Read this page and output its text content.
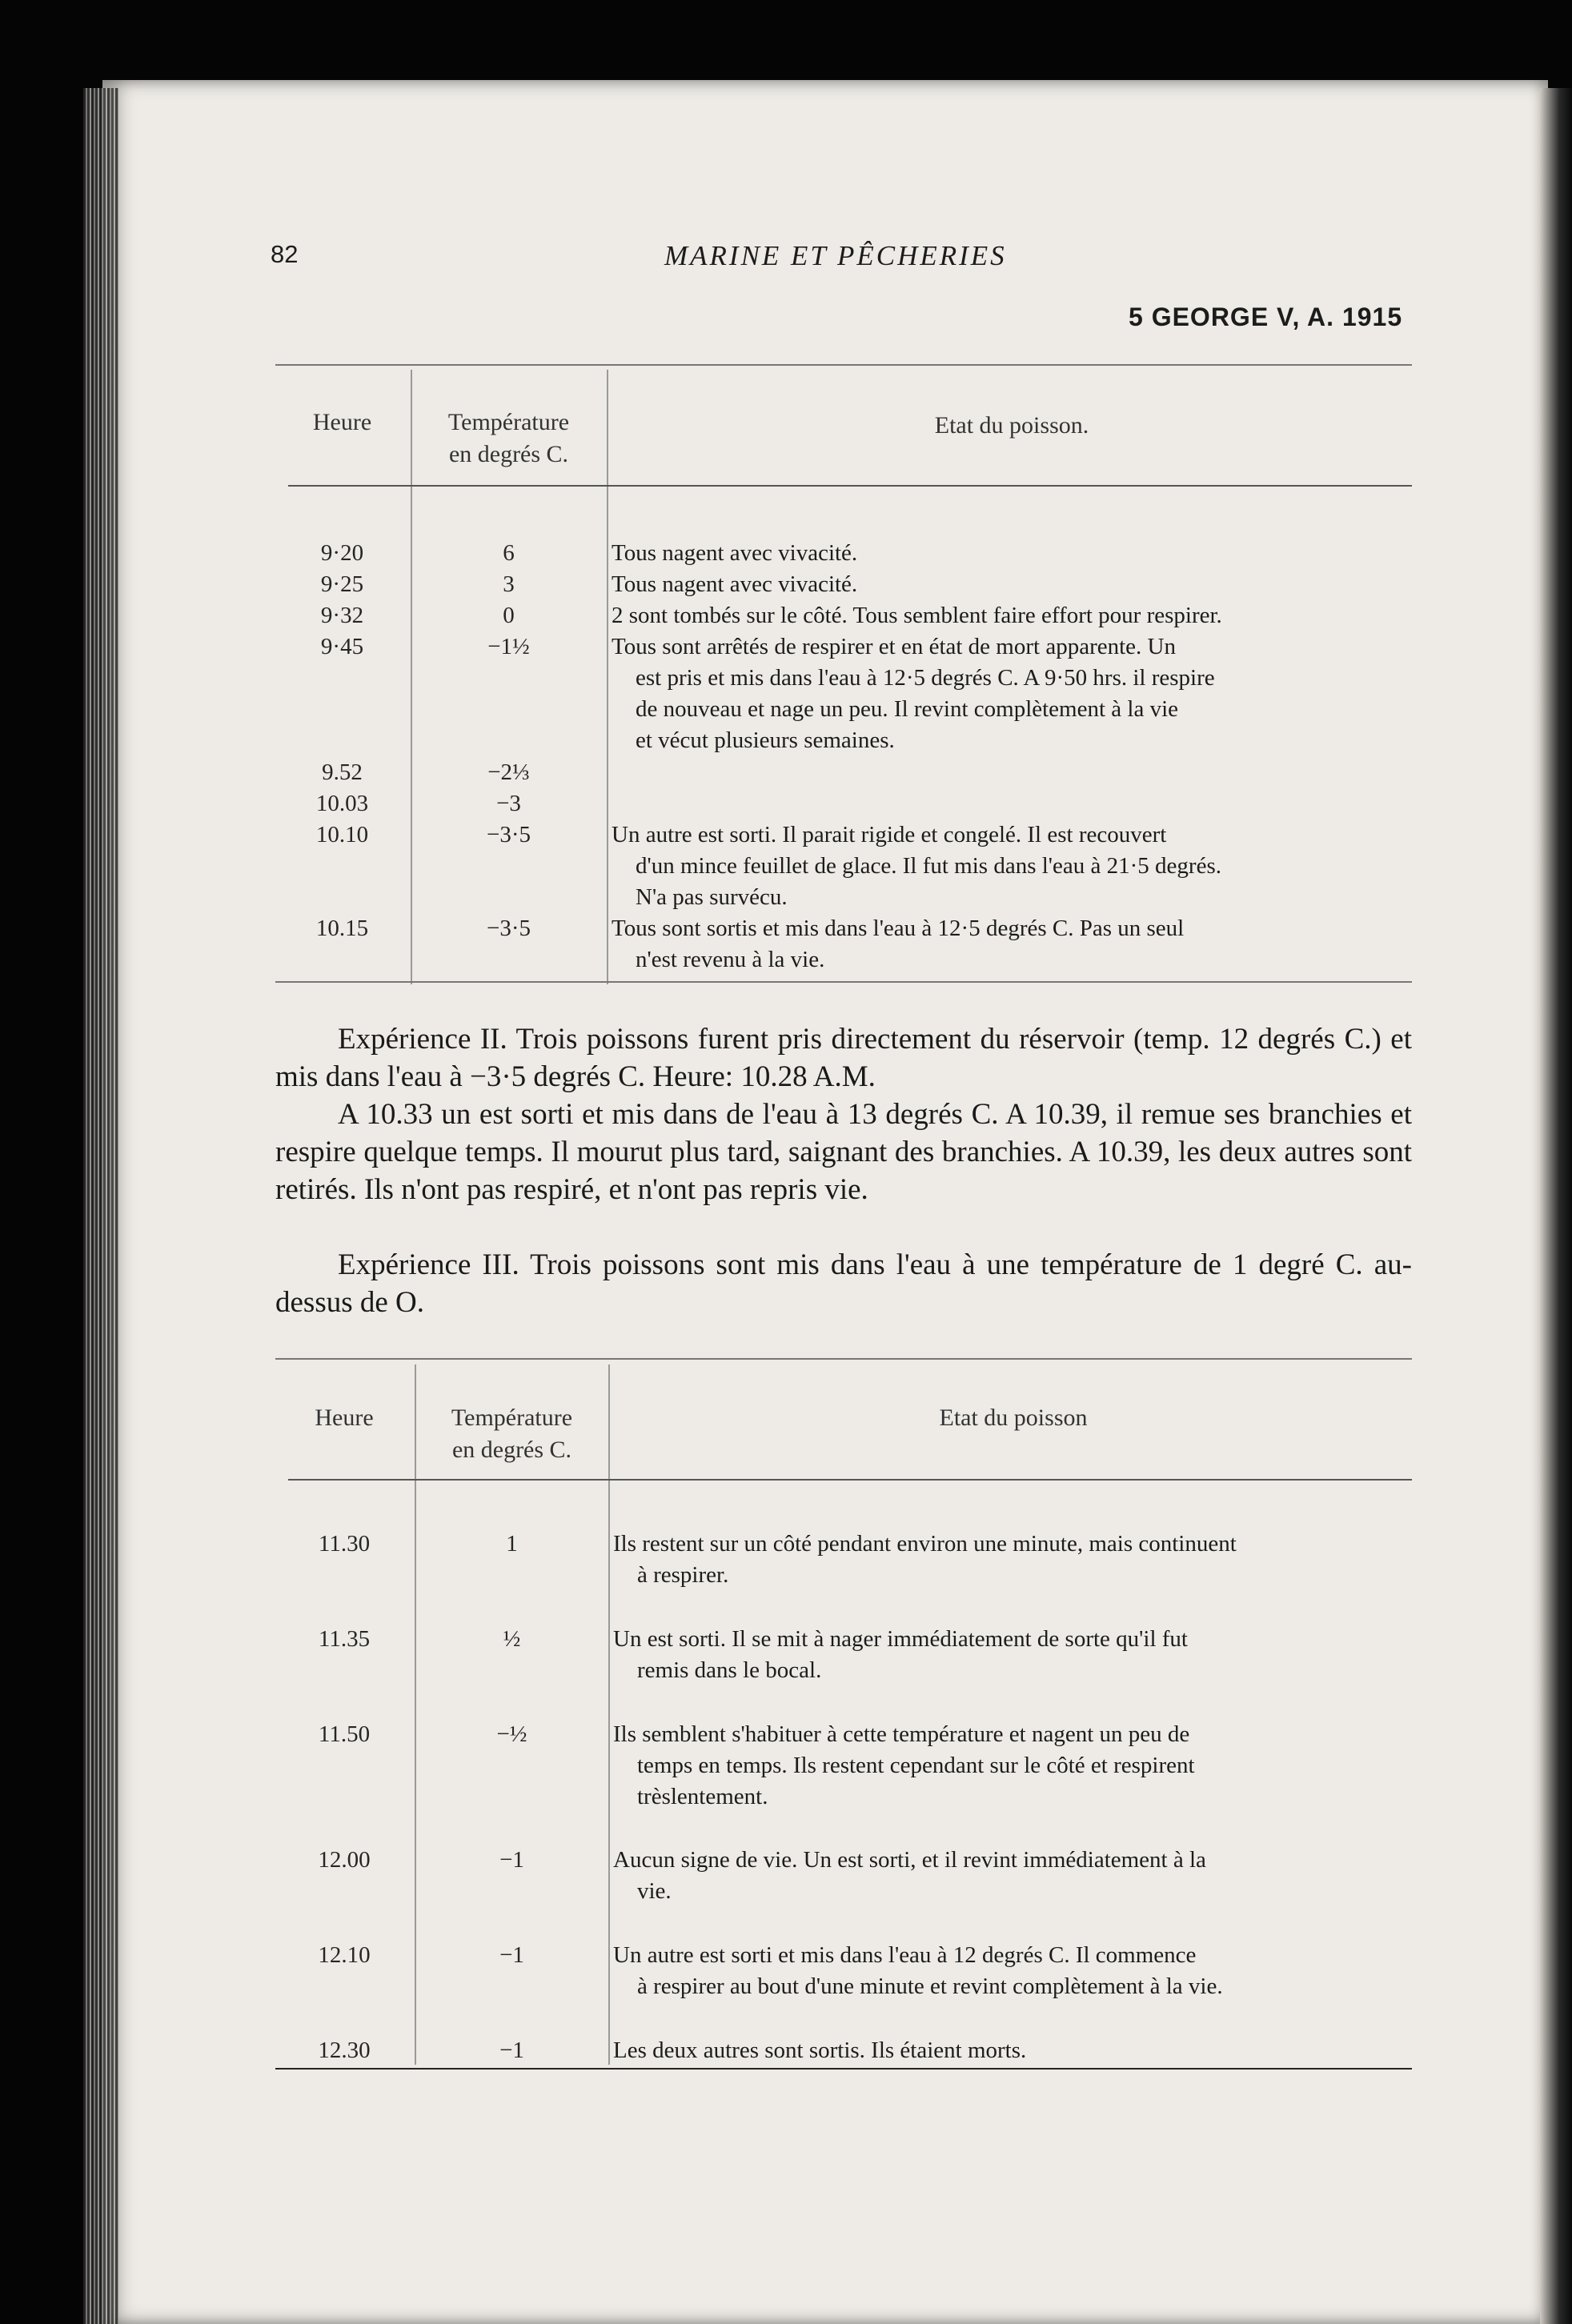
82	MARINE ET PÊCHERIES
5 GEORGE V, A. 1915
Heure	Température
en degrés C.
Etat du poisson.
9·20	6	Tous nagent avec vivacité.
9·25	3	Tous nagent avec vivacité.
9·32	0	2 sont tombés sur le côté. Tous semblent faire effort pour respirer.
9·45	−1½	Tous sont arrêtés de respirer et en état de mort apparente. Un
est pris et mis dans l'eau à 12·5 degrés C. A 9·50 hrs. il respire
de nouveau et nage un peu. Il revint complètement à la vie
et vécut plusieurs semaines.
9.52	−2⅓
10.03	−3
10.10	−3·5	Un autre est sorti. Il parait rigide et congelé. Il est recouvert
d'un mince feuillet de glace. Il fut mis dans l'eau à 21·5 degrés.
N'a pas survécu.
10.15	−3·5	Tous sont sortis et mis dans l'eau à 12·5 degrés C. Pas un seul
n'est revenu à la vie.
Expérience II. Trois poissons furent pris directement du réservoir (temp. 12 degrés C.) et mis dans l'eau à −3·5 degrés C. Heure: 10.28 A.M.
A 10.33 un est sorti et mis dans de l'eau à 13 degrés C. A 10.39, il remue ses branchies et respire quelque temps. Il mourut plus tard, saignant des branchies. A 10.39, les deux autres sont retirés. Ils n'ont pas respiré, et n'ont pas repris vie.
Expérience III. Trois poissons sont mis dans l'eau à une température de 1 degré C. au-dessus de O.
Heure	Température
en degrés C.
Etat du poisson
11.30	1	Ils restent sur un côté pendant environ une minute, mais continuent
à respirer.
11.35	½	Un est sorti. Il se mit à nager immédiatement de sorte qu'il fut
remis dans le bocal.
11.50	−½	Ils semblent s'habituer à cette température et nagent un peu de
temps en temps. Ils restent cependant sur le côté et respirent
trèslentement.
12.00	−1	Aucun signe de vie. Un est sorti, et il revint immédiatement à la
vie.
12.10	−1	Un autre est sorti et mis dans l'eau à 12 degrés C. Il commence
à respirer au bout d'une minute et revint complètement à la vie.
12.30	−1	Les deux autres sont sortis. Ils étaient morts.
